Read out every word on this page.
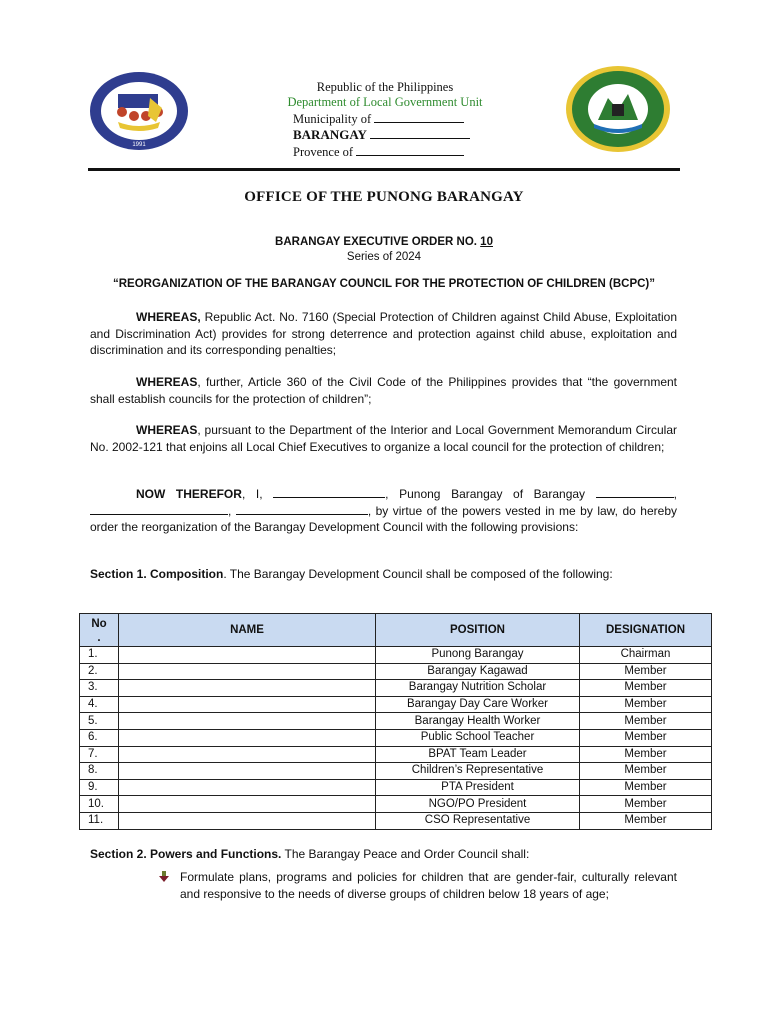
1991
Republic of the Philippines
Department of Local Government Unit
Municipality of
BARANGAY
Provence of
OFFICE OF THE PUNONG BARANGAY
BARANGAY EXECUTIVE ORDER NO. 10
Series of 2024
“REORGANIZATION OF THE BARANGAY COUNCIL FOR THE PROTECTION OF CHILDREN (BCPC)”
WHEREAS, Republic Act. No. 7160 (Special Protection of Children against Child Abuse, Exploitation and Discrimination Act) provides for strong deterrence and protection against child abuse, exploitation and discrimination and its corresponding penalties;
WHEREAS, further, Article 360 of the Civil Code of the Philippines provides that “the government shall establish councils for the protection of children”;
WHEREAS, pursuant to the Department of the Interior and Local Government Memorandum Circular No. 2002-121 that enjoins all Local Chief Executives to organize a local council for the protection of children;
NOW THEREFOR, I,	, Punong Barangay of Barangay	, ,	, by virtue of the powers vested in me by law, do hereby order the reorganization of the Barangay Development Council with the following provisions:
Section 1. Composition. The Barangay Development Council shall be composed of the following:
No
.	NAME	POSITION	DESIGNATION
1.		Punong Barangay	Chairman
2.		Barangay Kagawad	Member
3.		Barangay Nutrition Scholar	Member
4.		Barangay Day Care Worker	Member
5.		Barangay Health Worker	Member
6.		Public School Teacher	Member
7.		BPAT Team Leader	Member
8.		Children’s Representative	Member
9.		PTA President	Member
10.		NGO/PO President	Member
11.		CSO Representative	Member
Section 2. Powers and Functions. The Barangay Peace and Order Council shall:
Formulate plans, programs and policies for children that are gender-fair, culturally relevant and responsive to the needs of diverse groups of children below 18 years of age;
